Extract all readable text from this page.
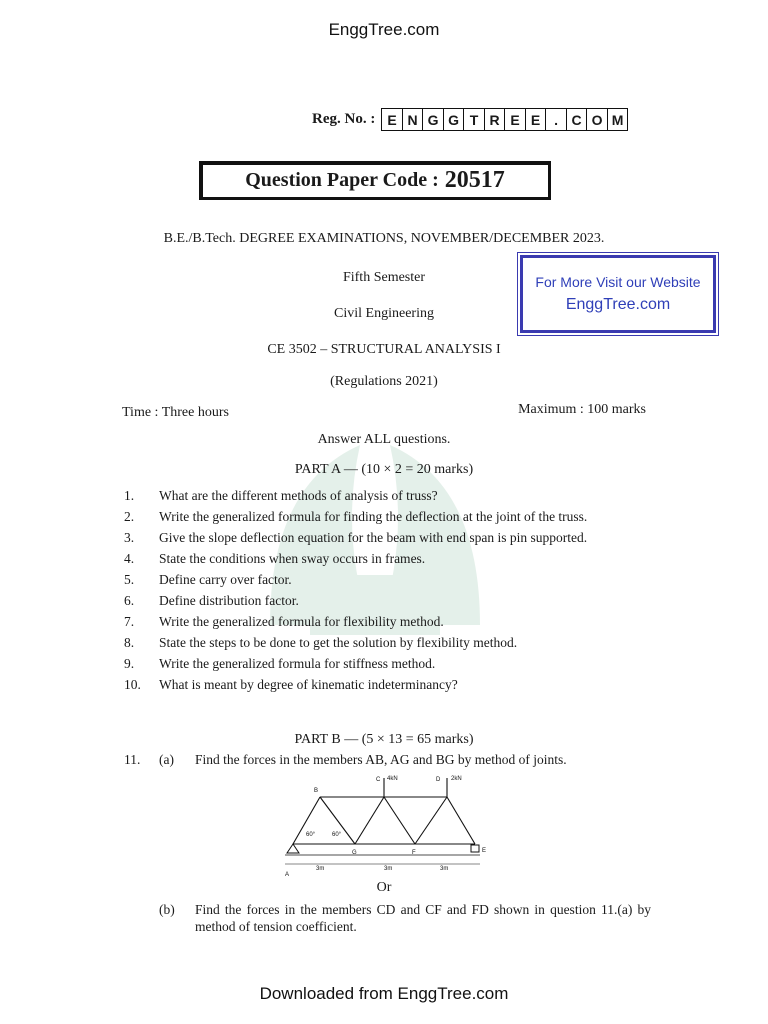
EnggTree.com
Reg. No. : E N G G T R E E . C O M
Question Paper Code : 20517
B.E./B.Tech. DEGREE EXAMINATIONS, NOVEMBER/DECEMBER 2023.
Fifth Semester
Civil Engineering
CE 3502 – STRUCTURAL ANALYSIS I
(Regulations 2021)
For More Visit our Website
EnggTree.com
Time : Three hours	Maximum : 100 marks
Answer ALL questions.
PART A — (10 × 2 = 20 marks)
1.	What are the different methods of analysis of truss?
2.	Write the generalized formula for finding the deflection at the joint of the truss.
3.	Give the slope deflection equation for the beam with end span is pin supported.
4.	State the conditions when sway occurs in frames.
5.	Define carry over factor.
6.	Define distribution factor.
7.	Write the generalized formula for flexibility method.
8.	State the steps to be done to get the solution by flexibility method.
9.	Write the generalized formula for stiffness method.
10.	What is meant by degree of kinematic indeterminancy?
PART B — (5 × 13 = 65 marks)
11.	(a)	Find the forces in the members AB, AG and BG by method of joints.
B
C 4kN	D 2kN
60°	60°
G	F	E
A
3m	3m	3m
Or
(b)	Find the forces in the members CD and CF and FD shown in question 11.(a) by method of tension coefficient.
Downloaded from EnggTree.com
